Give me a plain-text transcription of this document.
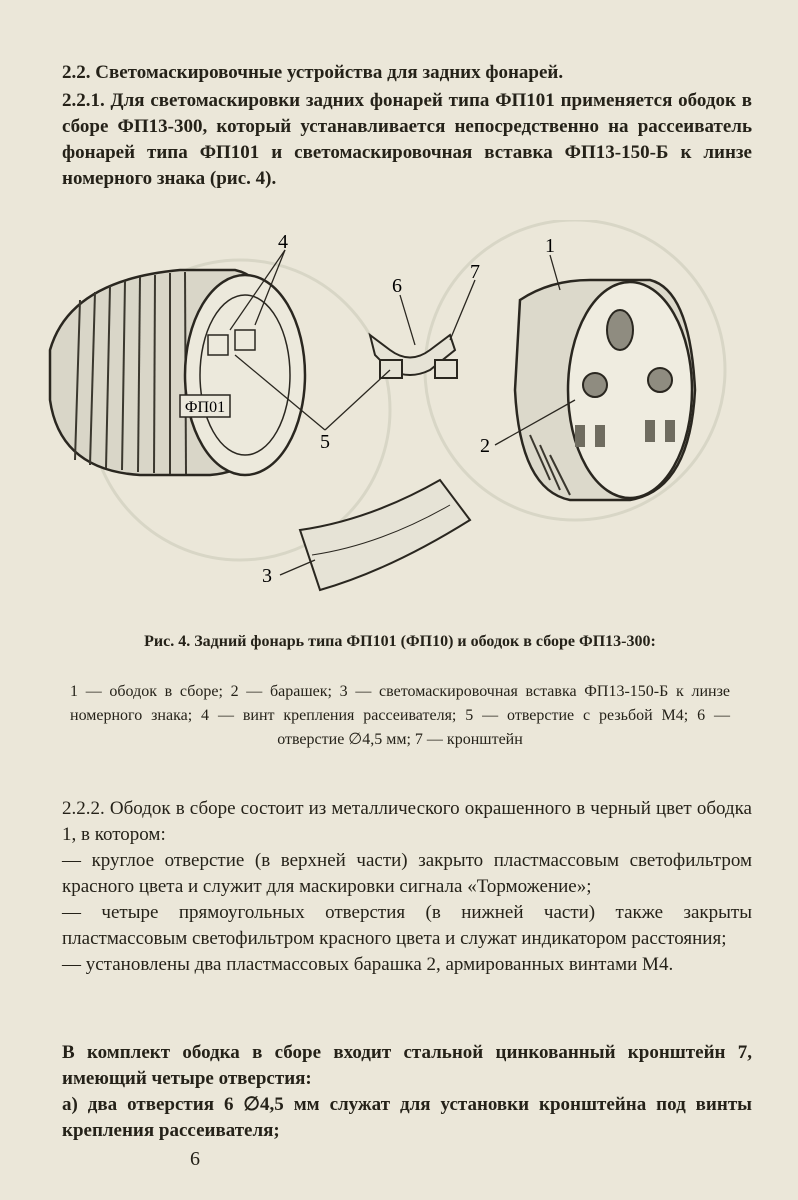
2.2. Светомаскировочные устройства для задних фонарей.

2.2.1. Для светомаскировки задних фонарей типа ФП101 применяется ободок в сборе ФП13-300, который устанавливается непосредственно на рассеиватель фонарей типа ФП101 и светомаскировочная вставка ФП13-150-Б к линзе номерного знака (рис. 4).

ФП01
4
5
6
7
1
2
3

Рис. 4. Задний фонарь типа ФП101 (ФП10) и ободок в сборе ФП13-300:

1 — ободок в сборе; 2 — барашек; 3 — светомаскировочная вставка ФП13-150-Б к линзе номерного знака; 4 — винт крепления рассеивателя; 5 — отверстие с резьбой М4; 6 — отверстие ∅4,5 мм; 7 — кронштейн

2.2.2. Ободок в сборе состоит из металлического окрашенного в черный цвет ободка 1, в котором:
— круглое отверстие (в верхней части) закрыто пластмассовым светофильтром красного цвета и служит для маскировки сигнала «Торможение»;
— четыре прямоугольных отверстия (в нижней части) также закрыты пластмассовым светофильтром красного цвета и служат индикатором расстояния;
— установлены два пластмассовых барашка 2, армированных винтами М4.

В комплект ободка в сборе входит стальной цинкованный кронштейн 7, имеющий четыре отверстия:

а) два отверстия 6 ∅4,5 мм служат для установки кронштейна под винты крепления рассеивателя;

6
